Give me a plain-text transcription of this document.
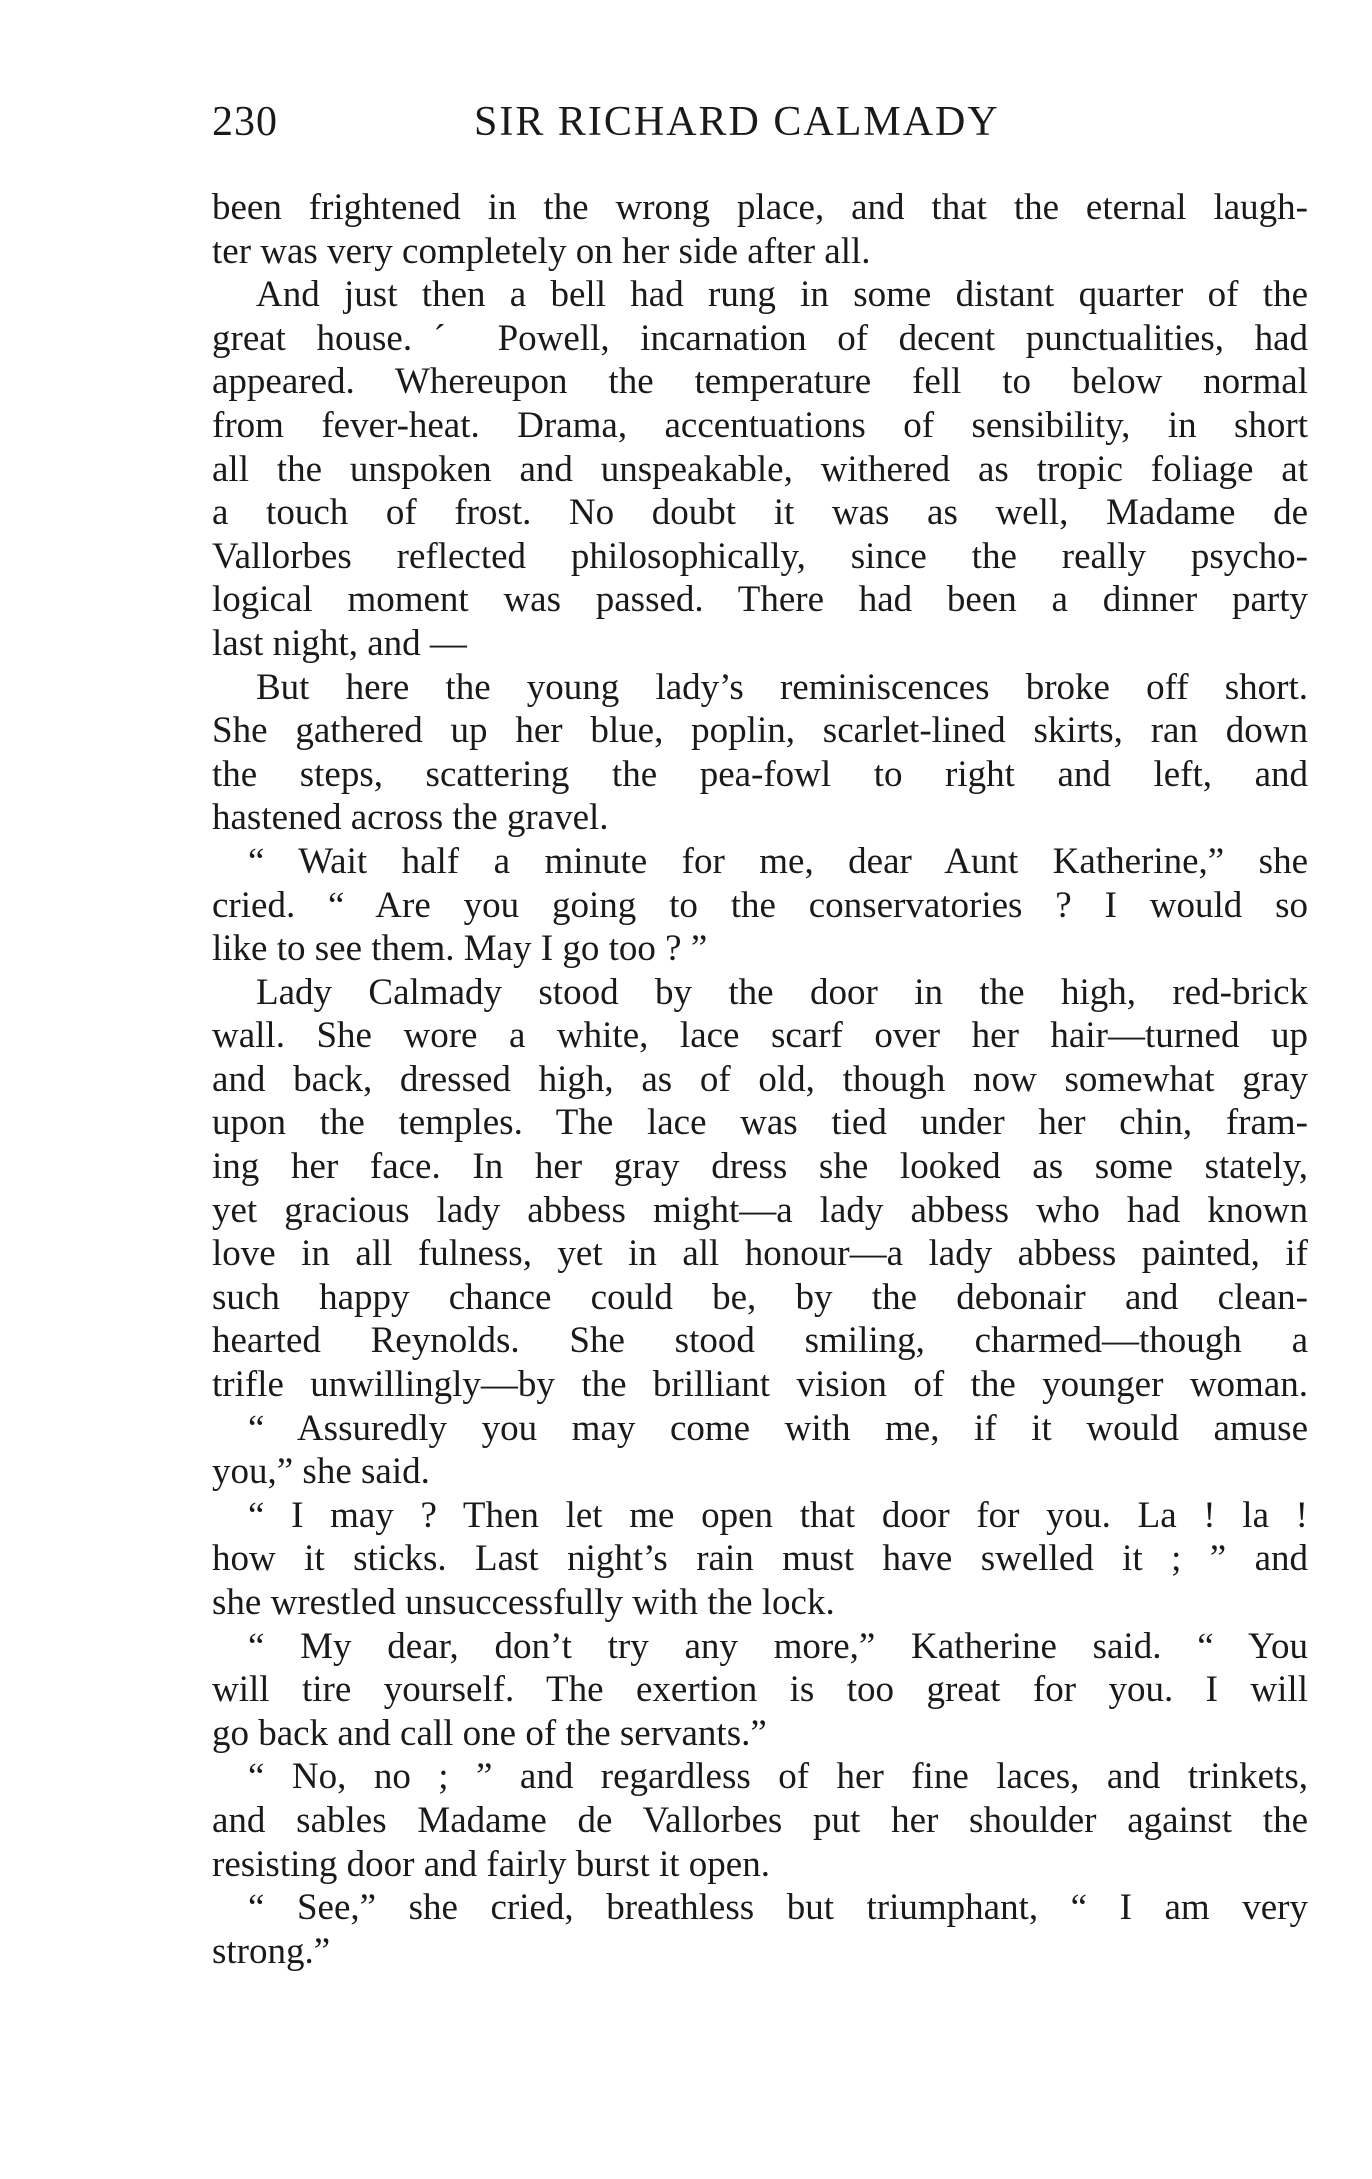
230	SIR RICHARD CALMADY
been frightened in the wrong place, and that the eternal laugh-
ter was very completely on her side after all.
And just then a bell had rung in some distant quarter of the
great house.ˊ Powell, incarnation of decent punctualities, had
appeared. Whereupon the temperature fell to below normal
from fever-heat. Drama, accentuations of sensibility, in short
all the unspoken and unspeakable, withered as tropic foliage at
a touch of frost. No doubt it was as well, Madame de
Vallorbes reflected philosophically, since the really psycho-
logical moment was passed. There had been a dinner party
last night, and —
But here the young lady’s reminiscences broke off short.
She gathered up her blue, poplin, scarlet-lined skirts, ran down
the steps, scattering the pea-fowl to right and left, and
hastened across the gravel.
“ Wait half a minute for me, dear Aunt Katherine,” she
cried. “ Are you going to the conservatories ? I would so
like to see them. May I go too ? ”
Lady Calmady stood by the door in the high, red-brick
wall. She wore a white, lace scarf over her hair—turned up
and back, dressed high, as of old, though now somewhat gray
upon the temples. The lace was tied under her chin, fram-
ing her face. In her gray dress she looked as some stately,
yet gracious lady abbess might—a lady abbess who had known
love in all fulness, yet in all honour—a lady abbess painted, if
such happy chance could be, by the debonair and clean-
hearted Reynolds. She stood smiling, charmed—though a
trifle unwillingly—by the brilliant vision of the younger woman.
“ Assuredly you may come with me, if it would amuse
you,” she said.
“ I may ? Then let me open that door for you. La ! la !
how it sticks. Last night’s rain must have swelled it ; ” and
she wrestled unsuccessfully with the lock.
“ My dear, don’t try any more,” Katherine said. “ You
will tire yourself. The exertion is too great for you. I will
go back and call one of the servants.”
“ No, no ; ” and regardless of her fine laces, and trinkets,
and sables Madame de Vallorbes put her shoulder against the
resisting door and fairly burst it open.
“ See,” she cried, breathless but triumphant, “ I am very
strong.”
